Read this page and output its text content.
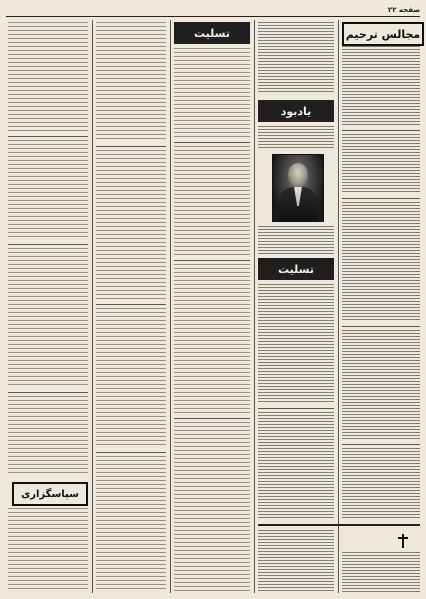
صفحه ۲۲
مجالس ترحیم
یادبود
تسلیت
تسلیت
سپاسگزاری
